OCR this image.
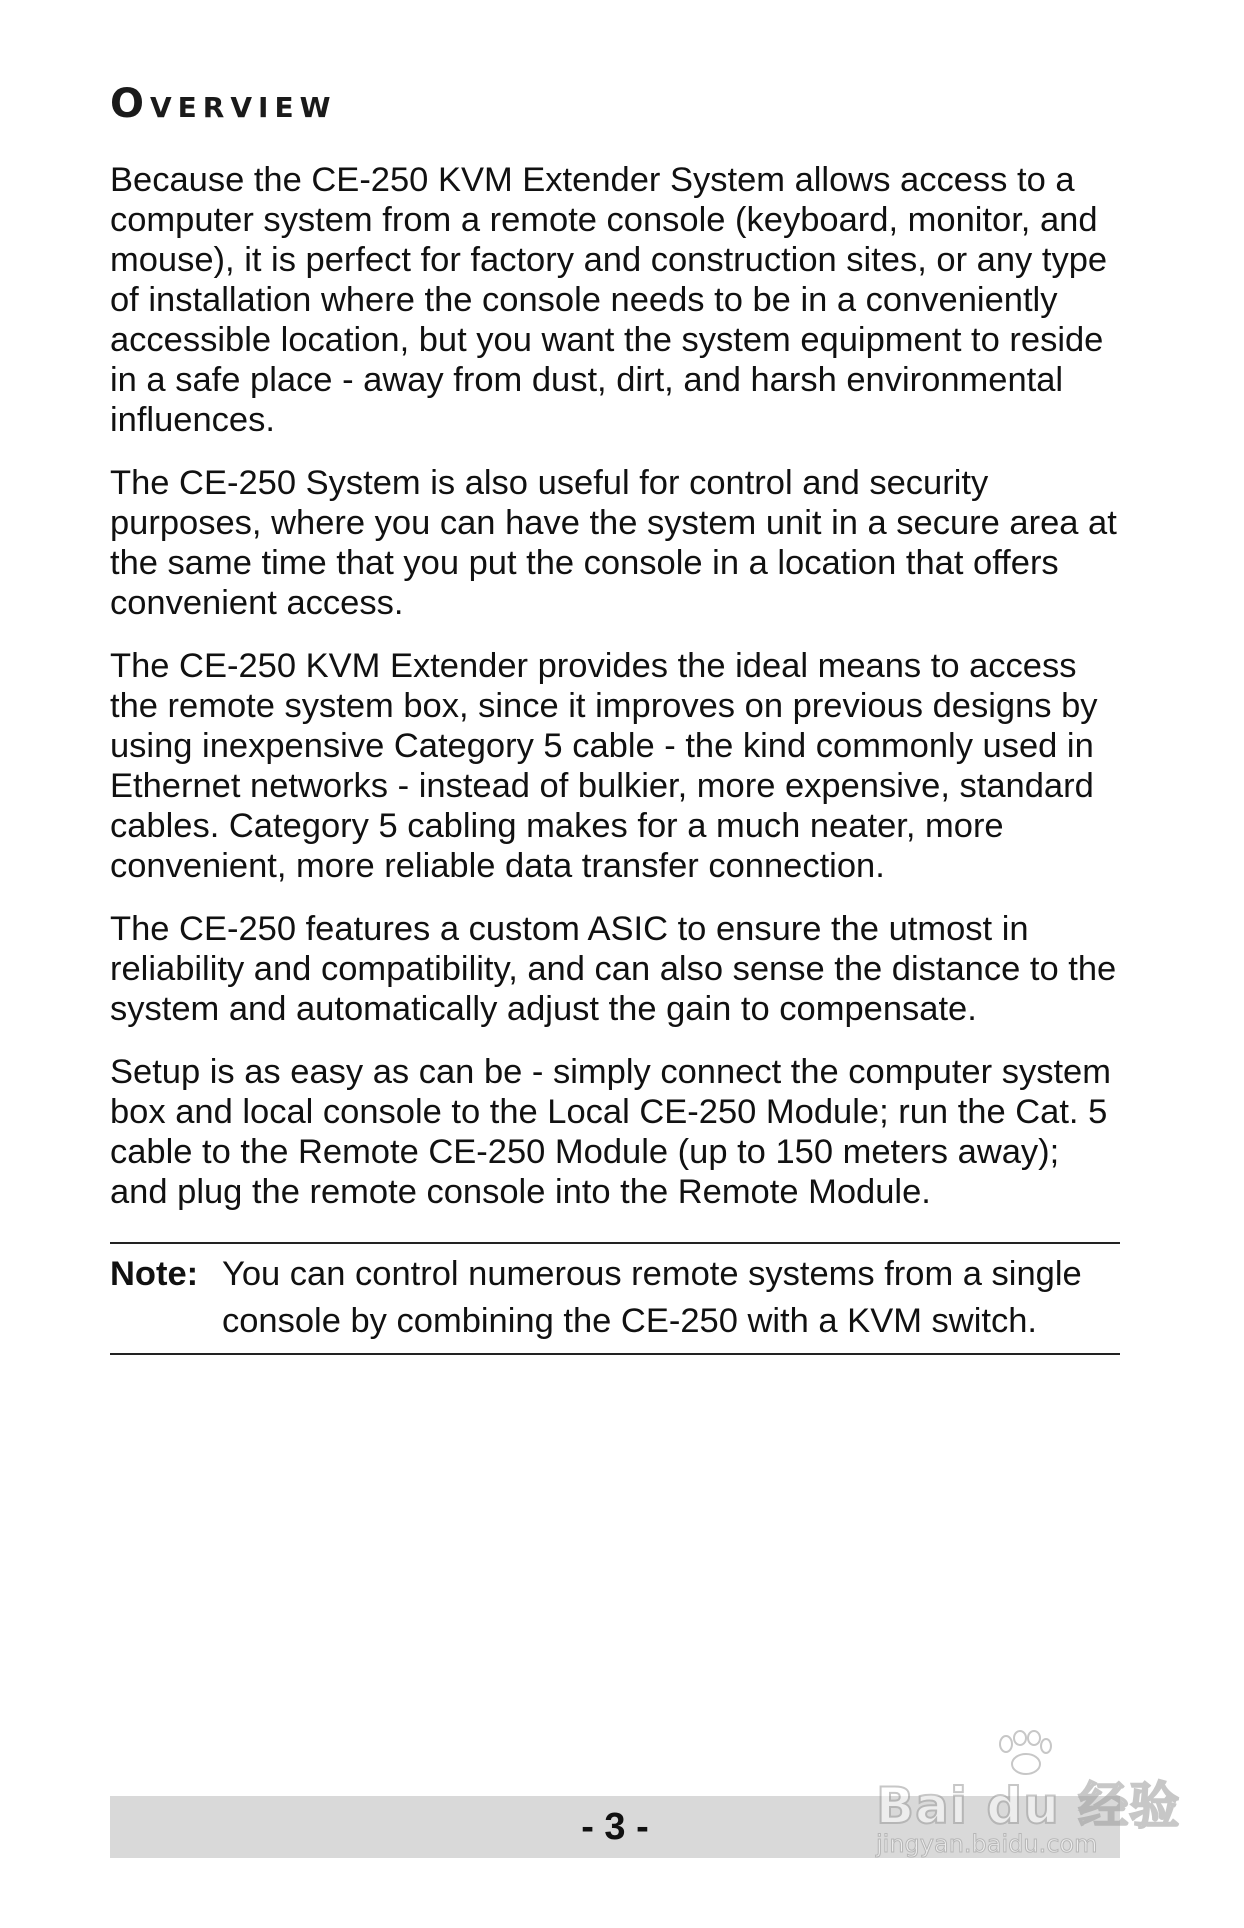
Overview

Because the CE-250 KVM Extender System allows access to a computer system from a remote console (keyboard, monitor, and mouse), it is perfect for factory and construction sites, or any type of installation where the console needs to be in a conveniently accessible location, but you want the system equipment to reside in a safe place - away from dust, dirt, and harsh environmental influences.

The CE-250 System is also useful for control and security purposes, where you can have the system unit in a secure area at the same time that you put the console in a location that offers convenient access.

The CE-250 KVM Extender provides the ideal means to access the remote system box, since it improves on previous designs by using inexpensive Category 5 cable - the kind commonly used in Ethernet networks - instead of bulkier, more expensive, standard cables. Category 5 cabling makes for a much neater, more convenient, more reliable data transfer connection.

The CE-250 features a custom ASIC to ensure the utmost in reliability and compatibility, and can also sense the distance to the system and automatically adjust the gain to compensate.

Setup is as easy as can be - simply connect the computer system box and local console to the Local CE-250 Module; run the Cat. 5 cable to the Remote CE-250 Module (up to 150 meters away); and plug the remote console into the Remote Module.

Note: You can control numerous remote systems from a single console by combining the CE-250 with a KVM switch.
- 3 -	Bai du 经验
jingyan.baidu.com
